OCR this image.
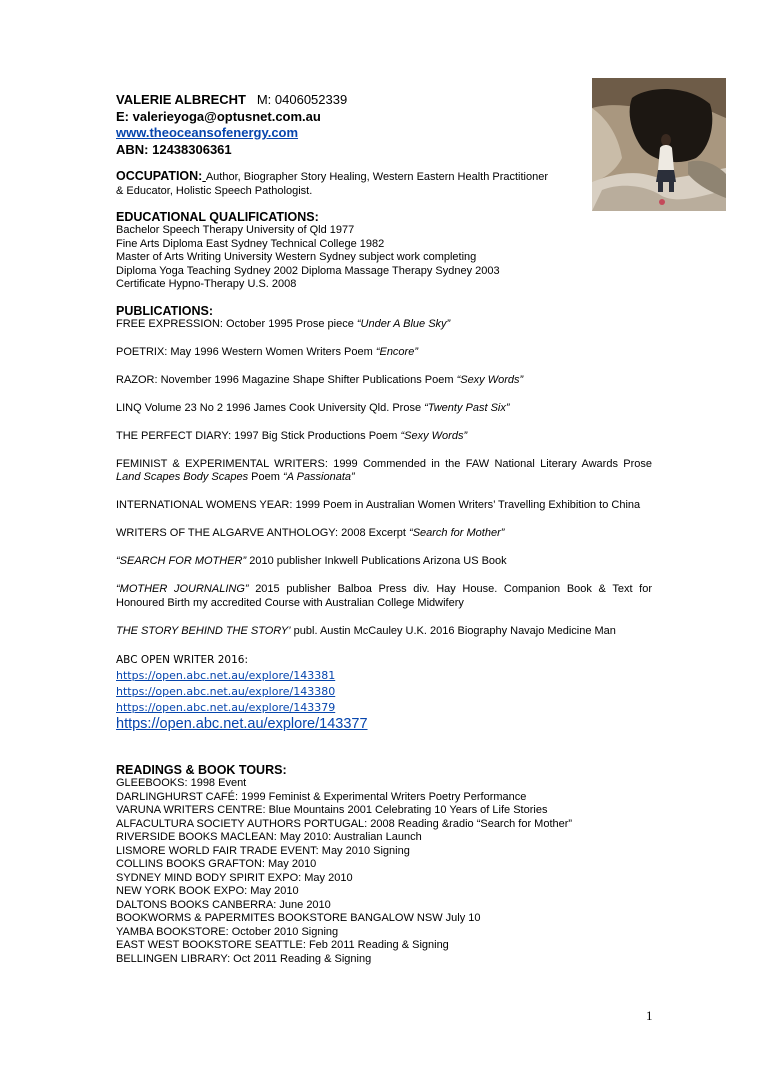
VALERIE ALBRECHT M: 0406052339
E: valerieyoga@optusnet.com.au
www.theoceansofenergy.com
ABN: 12438306361
OCCUPATION: Author, Biographer Story Healing, Western Eastern Health Practitioner
& Educator, Holistic Speech Pathologist.
EDUCATIONAL QUALIFICATIONS:
Bachelor Speech Therapy University of Qld 1977
Fine Arts Diploma East Sydney Technical College 1982
Master of Arts Writing University Western Sydney subject work completing
Diploma Yoga Teaching Sydney 2002 Diploma Massage Therapy Sydney 2003
Certificate Hypno-Therapy U.S. 2008
PUBLICATIONS:
FREE EXPRESSION: October 1995 Prose piece “Under A Blue Sky”
POETRIX: May 1996 Western Women Writers Poem “Encore”
RAZOR: November 1996 Magazine Shape Shifter Publications Poem “Sexy Words”
LINQ Volume 23 No 2 1996 James Cook University Qld. Prose “Twenty Past Six”
THE PERFECT DIARY: 1997 Big Stick Productions Poem “Sexy Words”
FEMINIST & EXPERIMENTAL WRITERS: 1999 Commended in the FAW National Literary Awards Prose Land Scapes Body Scapes Poem “A Passionata”
INTERNATIONAL WOMENS YEAR: 1999 Poem in Australian Women Writers’ Travelling Exhibition to China
WRITERS OF THE ALGARVE ANTHOLOGY: 2008 Excerpt “Search for Mother”
“SEARCH FOR MOTHER” 2010 publisher Inkwell Publications Arizona US Book
“MOTHER JOURNALING” 2015 publisher Balboa Press div. Hay House. Companion Book & Text for Honoured Birth my accredited Course with Australian College Midwifery
THE STORY BEHIND THE STORY’ publ. Austin McCauley U.K. 2016 Biography Navajo Medicine Man
ABC OPEN WRITER 2016:
https://open.abc.net.au/explore/143381
https://open.abc.net.au/explore/143380
https://open.abc.net.au/explore/143379
https://open.abc.net.au/explore/143377
READINGS & BOOK TOURS:
GLEEBOOKS: 1998 Event
DARLINGHURST CAFÉ: 1999 Feminist & Experimental Writers Poetry Performance
VARUNA WRITERS CENTRE: Blue Mountains 2001 Celebrating 10 Years of Life Stories
ALFACULTURA SOCIETY AUTHORS PORTUGAL: 2008 Reading &radio “Search for Mother”
RIVERSIDE BOOKS MACLEAN: May 2010: Australian Launch
LISMORE WORLD FAIR TRADE EVENT: May 2010 Signing
COLLINS BOOKS GRAFTON: May 2010
SYDNEY MIND BODY SPIRIT EXPO: May 2010
NEW YORK BOOK EXPO: May 2010
DALTONS BOOKS CANBERRA: June 2010
BOOKWORMS & PAPERMITES BOOKSTORE BANGALOW NSW July 10
YAMBA BOOKSTORE: October 2010 Signing
EAST WEST BOOKSTORE SEATTLE: Feb 2011 Reading & Signing
BELLINGEN LIBRARY: Oct 2011 Reading & Signing
1
